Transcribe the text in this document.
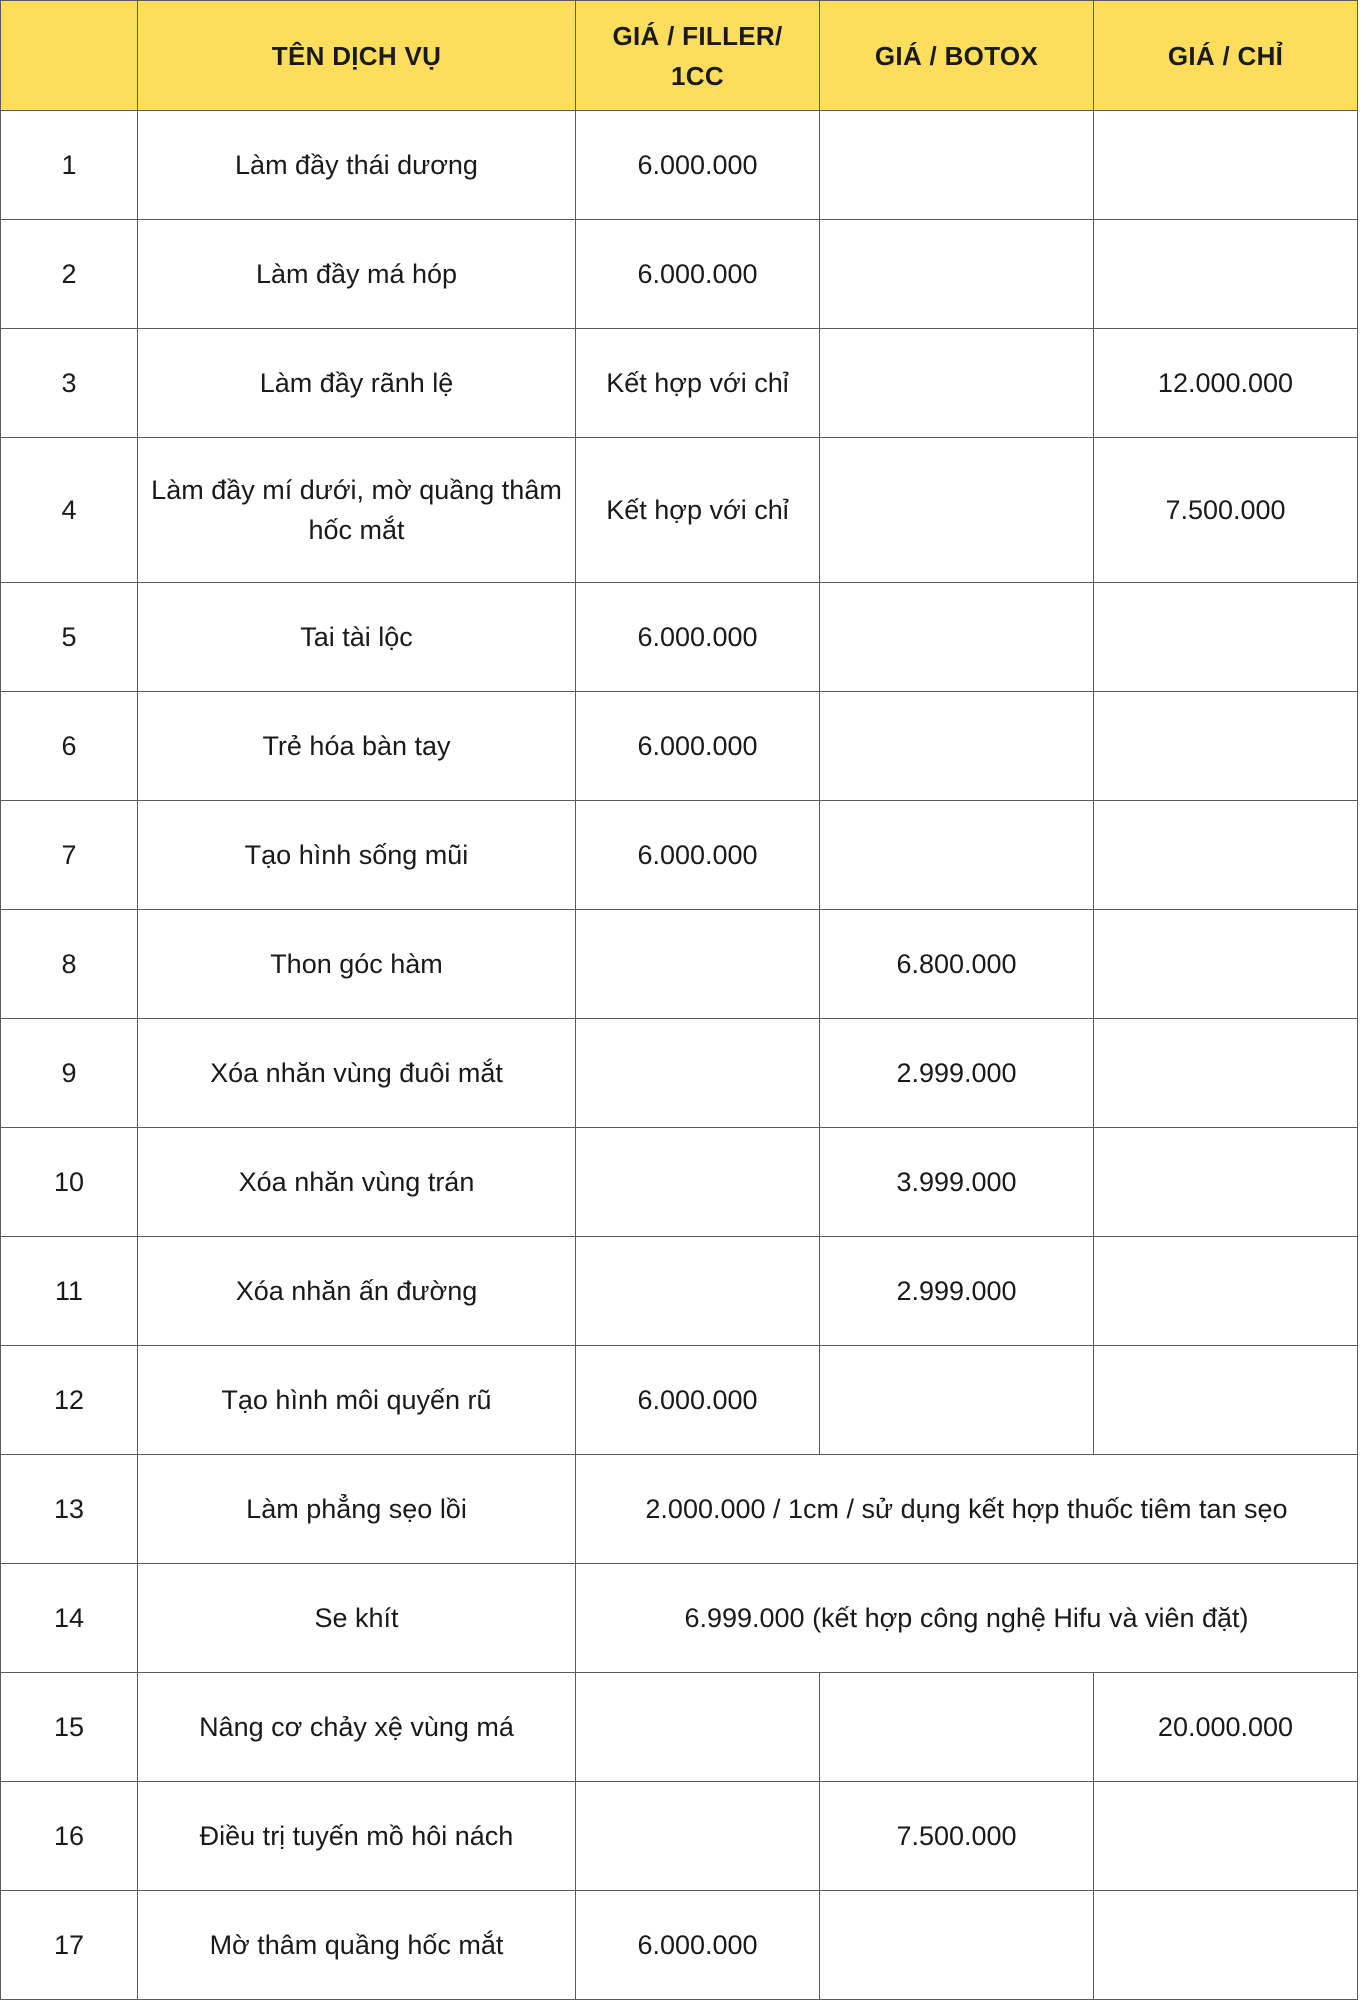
	TÊN DỊCH VỤ	GIÁ / FILLER/ 1CC	GIÁ / BOTOX	GIÁ / CHỈ
1	Làm đầy thái dương	6.000.000		
2	Làm đầy má hóp	6.000.000		
3	Làm đầy rãnh lệ	Kết hợp với chỉ		12.000.000
4	Làm đầy mí dưới, mờ quầng thâm hốc mắt	Kết hợp với chỉ		7.500.000
5	Tai tài lộc	6.000.000		
6	Trẻ hóa bàn tay	6.000.000		
7	Tạo hình sống mũi	6.000.000		
8	Thon góc hàm		6.800.000	
9	Xóa nhăn vùng đuôi mắt		2.999.000	
10	Xóa nhăn vùng trán		3.999.000	
11	Xóa nhăn ấn đường		2.999.000	
12	Tạo hình môi quyến rũ	6.000.000		
13	Làm phẳng sẹo lồi	2.000.000 / 1cm / sử dụng kết hợp thuốc tiêm tan sẹo		
14	Se khít	6.999.000 (kết hợp công nghệ Hifu và viên đặt)		
15	Nâng cơ chảy xệ vùng má			20.000.000
16	Điều trị tuyến mồ hôi nách		7.500.000	
17	Mờ thâm quầng hốc mắt	6.000.000		
